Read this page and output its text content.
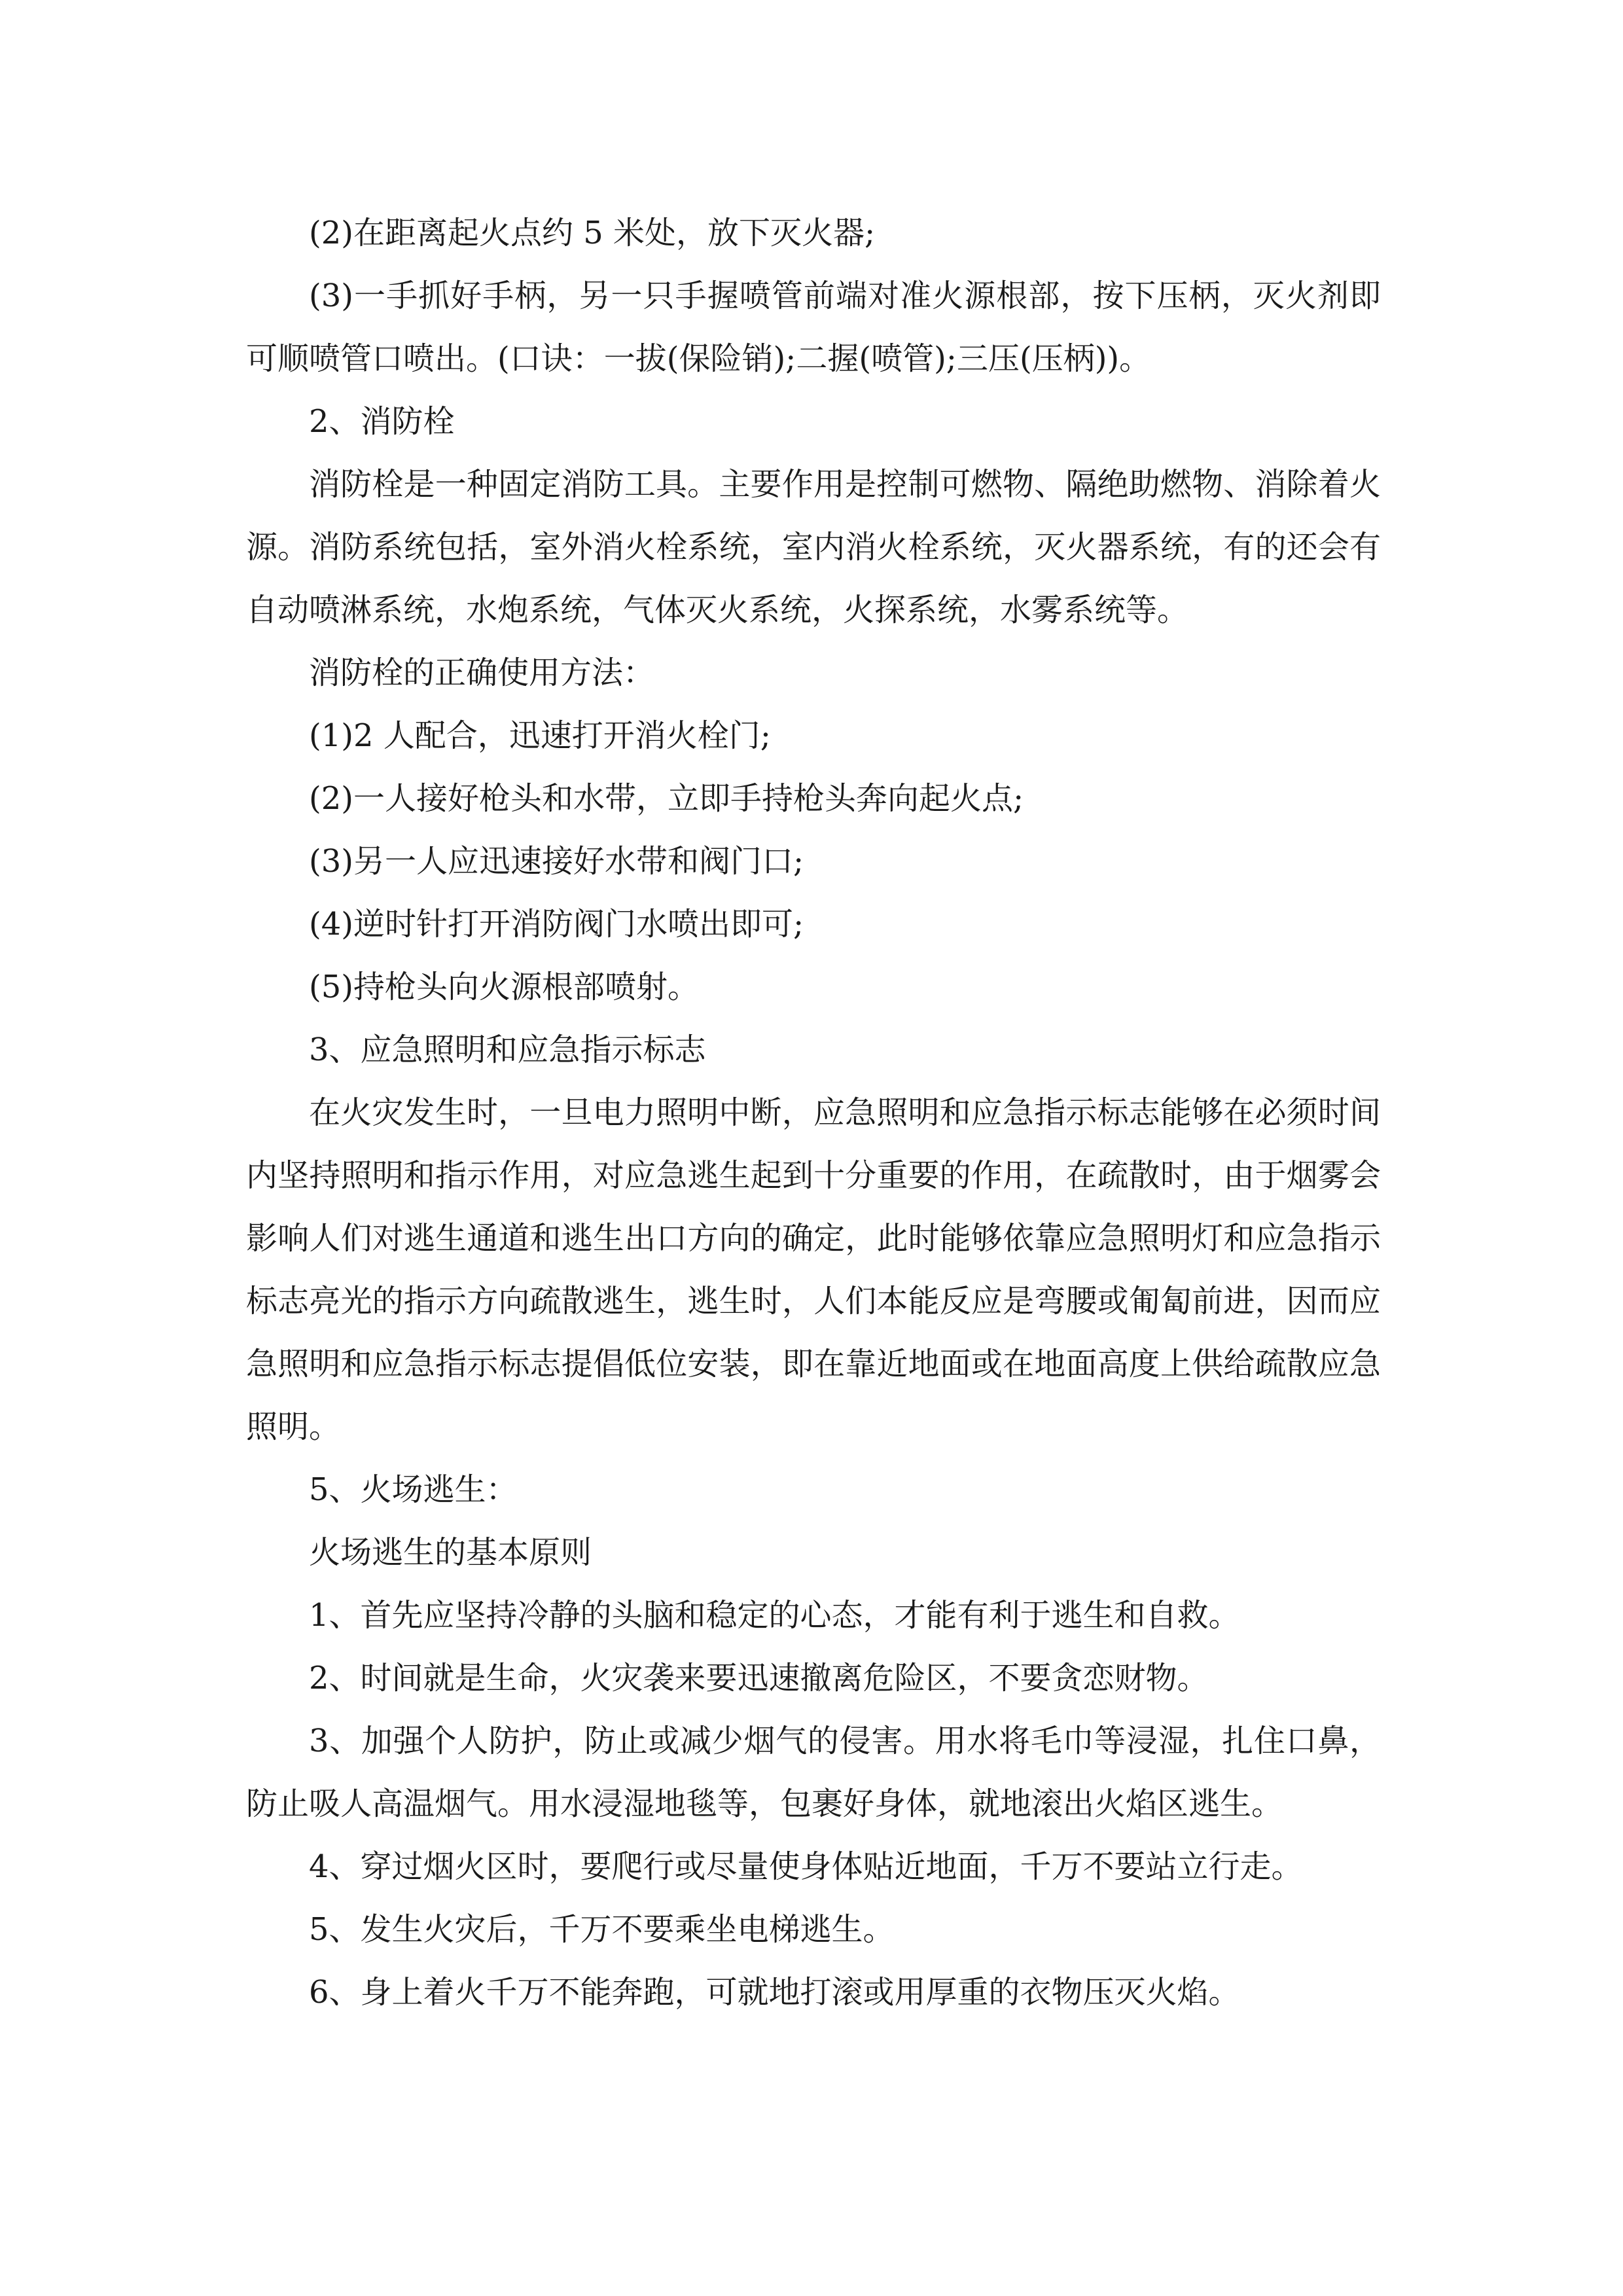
(2)在距离起火点约 5 米处，放下灭火器;

(3)一手抓好手柄，另一只手握喷管前端对准火源根部，按下压柄，灭火剂即可顺喷管口喷出。(口诀：一拔(保险销);二握(喷管);三压(压柄))。

2、消防栓

消防栓是一种固定消防工具。主要作用是控制可燃物、隔绝助燃物、消除着火源。消防系统包括，室外消火栓系统，室内消火栓系统，灭火器系统，有的还会有自动喷淋系统，水炮系统，气体灭火系统，火探系统，水雾系统等。

消防栓的正确使用方法：

(1)2 人配合，迅速打开消火栓门;

(2)一人接好枪头和水带，立即手持枪头奔向起火点;

(3)另一人应迅速接好水带和阀门口;

(4)逆时针打开消防阀门水喷出即可;

(5)持枪头向火源根部喷射。

3、应急照明和应急指示标志

在火灾发生时，一旦电力照明中断，应急照明和应急指示标志能够在必须时间内坚持照明和指示作用，对应急逃生起到十分重要的作用，在疏散时，由于烟雾会影响人们对逃生通道和逃生出口方向的确定，此时能够依靠应急照明灯和应急指示标志亮光的指示方向疏散逃生，逃生时，人们本能反应是弯腰或匍匐前进，因而应急照明和应急指示标志提倡低位安装，即在靠近地面或在地面高度上供给疏散应急照明。

5、火场逃生：

火场逃生的基本原则

1、首先应坚持冷静的头脑和稳定的心态，才能有利于逃生和自救。

2、时间就是生命，火灾袭来要迅速撤离危险区，不要贪恋财物。

3、加强个人防护，防止或减少烟气的侵害。用水将毛巾等浸湿，扎住口鼻，防止吸人高温烟气。用水浸湿地毯等，包裹好身体，就地滚出火焰区逃生。

4、穿过烟火区时，要爬行或尽量使身体贴近地面，千万不要站立行走。

5、发生火灾后，千万不要乘坐电梯逃生。

6、身上着火千万不能奔跑，可就地打滚或用厚重的衣物压灭火焰。
